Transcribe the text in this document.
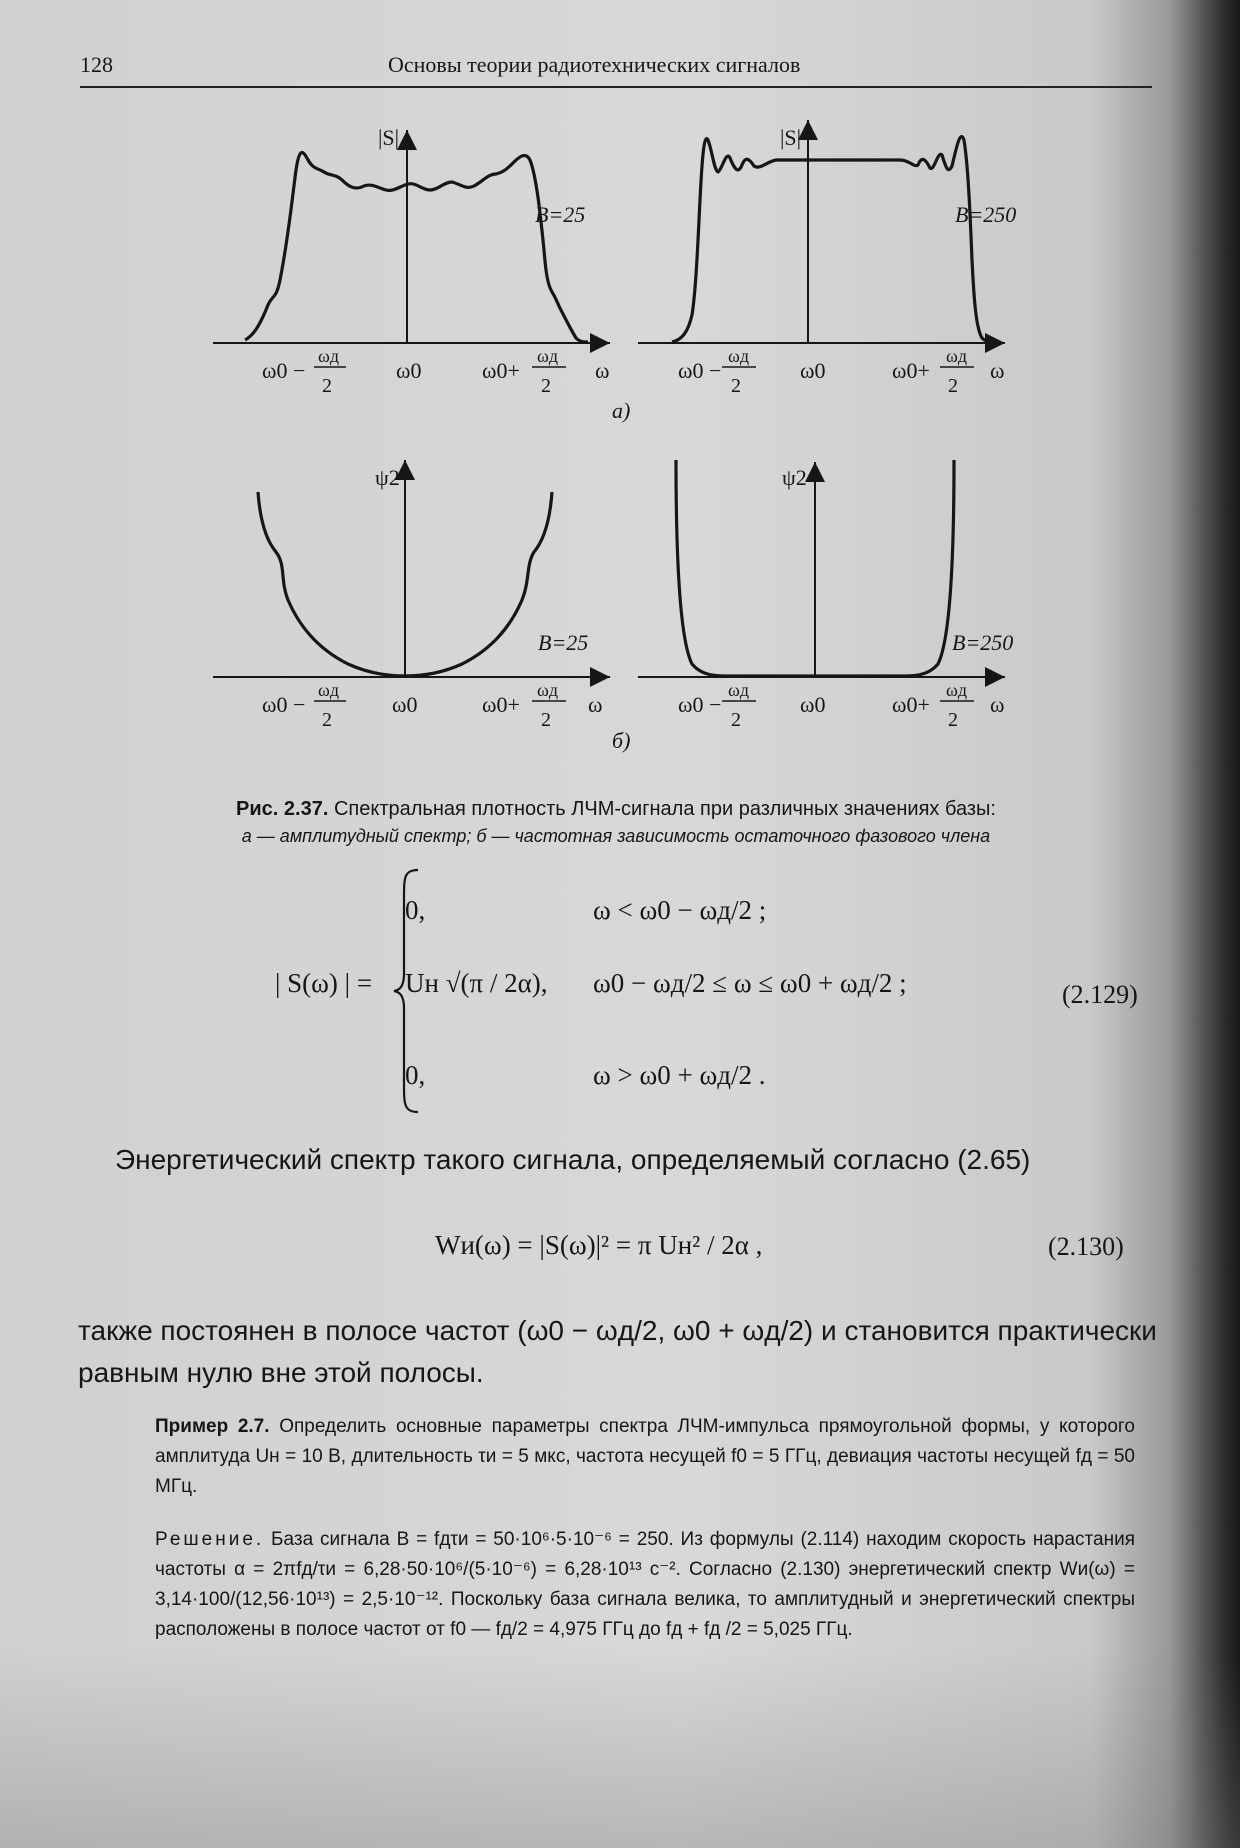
128	Основы теории радиотехнических сигналов
|S|
B=25
|S|
B=250
ω0 −
ωд
2
ω0	ω0+
ωд
2
ω	ω0 −
ωд
2
ω0	ω0+
ωд
2
ω
а)
ψ2
B=25
ψ2
B=250
ω0 −
ωд
2
ω0	ω0+
ωд
2
ω	ω0 −
ωд
2
ω0	ω0+
ωд
2
ω
б)
Рис. 2.37. Спектральная плотность ЛЧМ-сигнала при различных значениях базы:
а — амплитудный спектр; б — частотная зависимость остаточного фазового члена
| S(ω) | =
0,	ω < ω0 − ωд/2 ;
Uн √(π / 2α), ω0 − ωд/2 ≤ ω ≤ ω0 + ωд/2 ;
0,	ω > ω0 + ωд/2 .
(2.129)
Энергетический спектр такого сигнала, определяемый согласно (2.65)
Wи(ω) = |S(ω)|² = π Uн² / 2α ,	(2.130)
также постоянен в полосе частот (ω0 − ωд/2, ω0 + ωд/2) и становится практически
равным нулю вне этой полосы.
Пример 2.7. Определить основные параметры спектра ЛЧМ-импульса прямоугольной формы, у которого амплитуда Uн = 10 В, длительность τи = 5 мкс, частота несущей f0 = 5 ГГц, девиация частоты несущей fд = 50 МГц.
Решение. База сигнала B = fдτи = 50·10⁶·5·10⁻⁶ = 250. Из формулы (2.114) находим скорость нарастания частоты α = 2πfд/τи = 6,28·50·10⁶/(5·10⁻⁶) = 6,28·10¹³ с⁻². Согласно (2.130) энергетический спектр Wи(ω) = 3,14·100/(12,56·10¹³) = 2,5·10⁻¹². Поскольку база сигнала велика, то амплитудный и энергетический спектры расположены в полосе частот от f0 — fд/2 = 4,975 ГГц до fд + fд /2 = 5,025 ГГц.
